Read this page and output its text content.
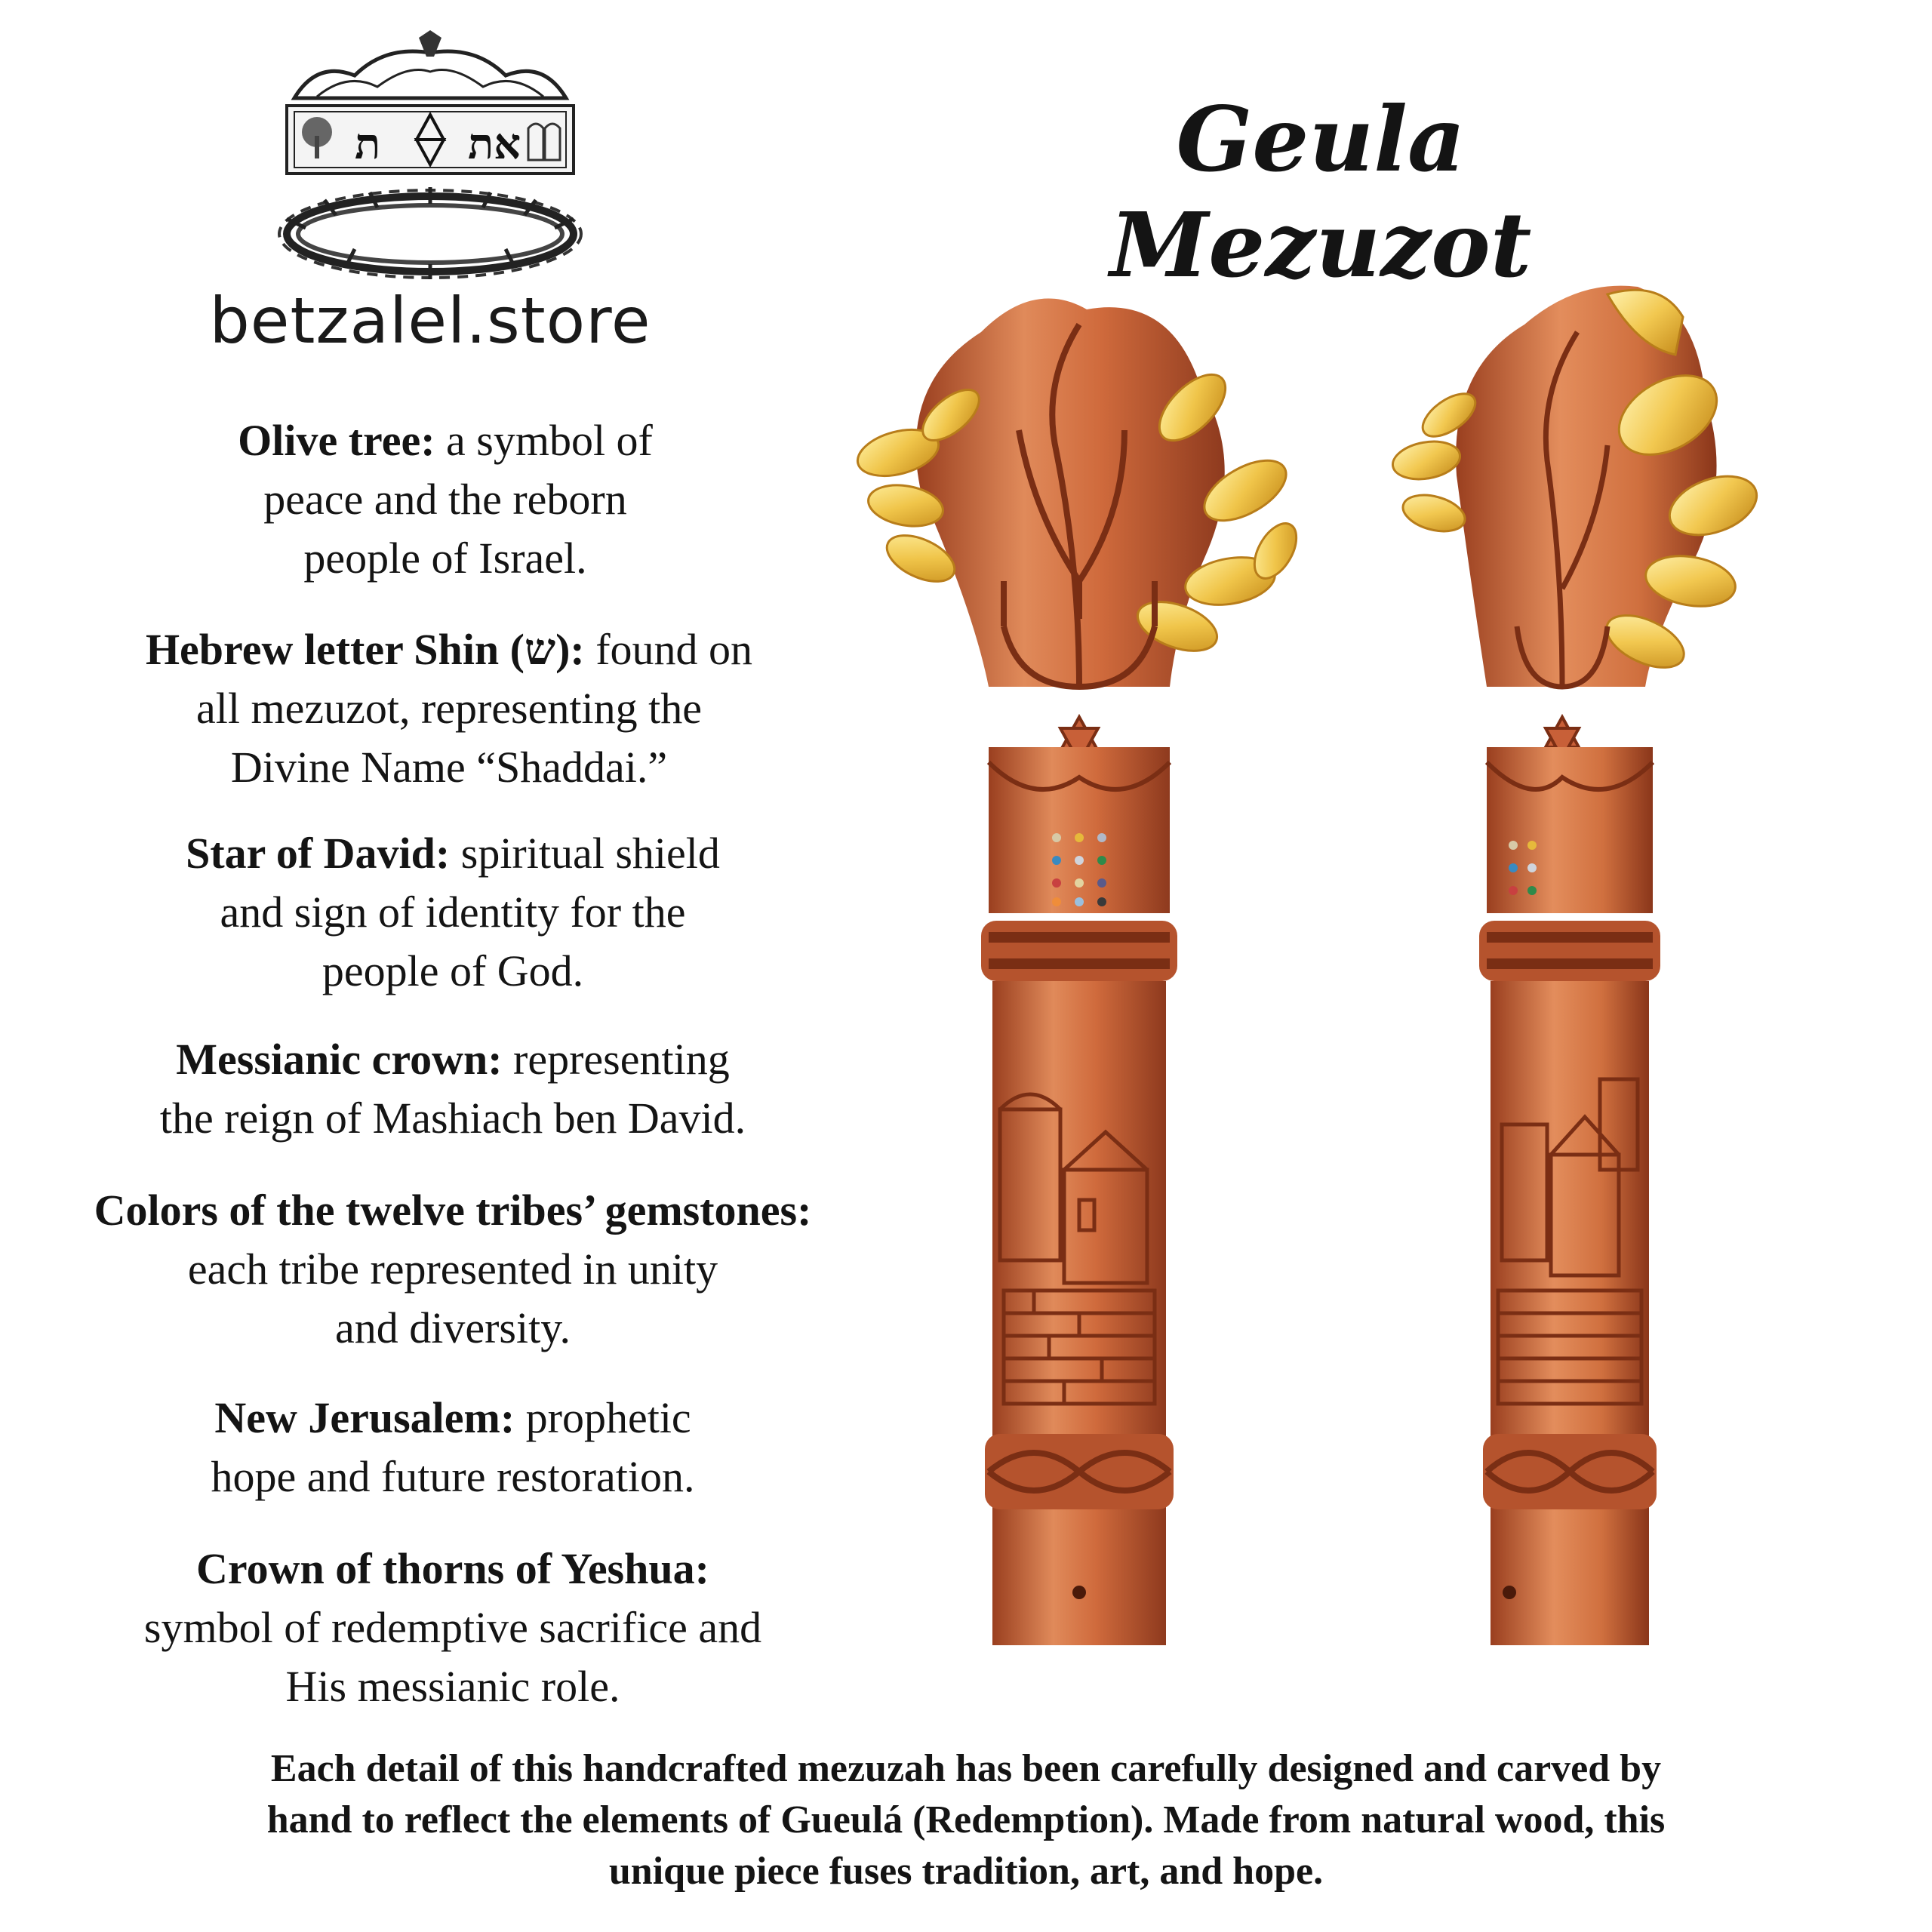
את
ת
betzalel.store
Geula Mezuzot
Olive tree: a symbol of
peace and the reborn
people of Israel.
Hebrew letter Shin (ש): found on
all mezuzot, representing the
Divine Name “Shaddai.”
Star of David: spiritual shield
and sign of identity for the
people of God.
Messianic crown: representing
the reign of Mashiach ben David.
Colors of the twelve tribes’ gemstones:
each tribe represented in unity
and diversity.
New Jerusalem: prophetic
hope and future restoration.
Crown of thorns of Yeshua:
symbol of redemptive sacrifice and
His messianic role.
Each detail of this handcrafted mezuzah has been carefully designed and carved by
hand to reflect the elements of Gueulá (Redemption). Made from natural wood, this
unique piece fuses tradition, art, and hope.
